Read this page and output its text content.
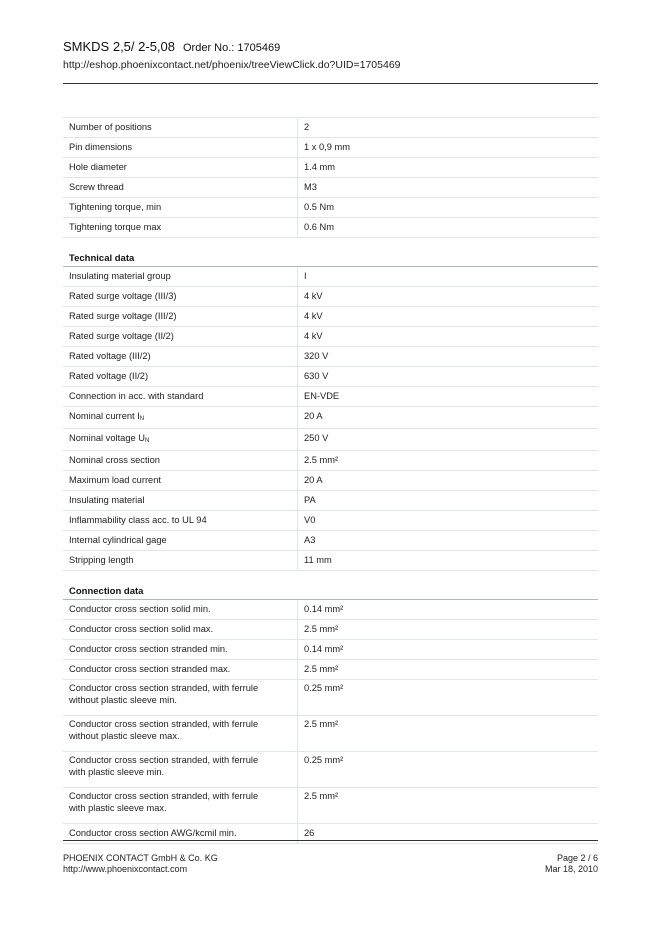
SMKDS 2,5/ 2-5,08 Order No.: 1705469
http://eshop.phoenixcontact.net/phoenix/treeViewClick.do?UID=1705469
Number of positions	2
Pin dimensions	1 x 0,9 mm
Hole diameter	1.4 mm
Screw thread	M3
Tightening torque, min	0.5 Nm
Tightening torque max	0.6 Nm
Technical data	
Insulating material group	I
Rated surge voltage (III/3)	4 kV
Rated surge voltage (III/2)	4 kV
Rated surge voltage (II/2)	4 kV
Rated voltage (III/2)	320 V
Rated voltage (II/2)	630 V
Connection in acc. with standard	EN-VDE
Nominal current $I_N$	20 A
Nominal voltage $U_N$	250 V
Nominal cross section	2.5 mm²
Maximum load current	20 A
Insulating material	PA
Inflammability class acc. to UL 94	V0
Internal cylindrical gage	A3
Stripping length	11 mm
Connection data	
Conductor cross section solid min.	0.14 mm²
Conductor cross section solid max.	2.5 mm²
Conductor cross section stranded min.	0.14 mm²
Conductor cross section stranded max.	2.5 mm²
Conductor cross section stranded, with ferrule
without plastic sleeve min.	0.25 mm²
Conductor cross section stranded, with ferrule
without plastic sleeve max.	2.5 mm²
Conductor cross section stranded, with ferrule
with plastic sleeve min.	0.25 mm²
Conductor cross section stranded, with ferrule
with plastic sleeve max.	2.5 mm²
Conductor cross section AWG/kcmil min.	26
PHOENIX CONTACT GmbH & Co. KG
http://www.phoenixcontact.com
Page 2 / 6
Mar 18, 2010
